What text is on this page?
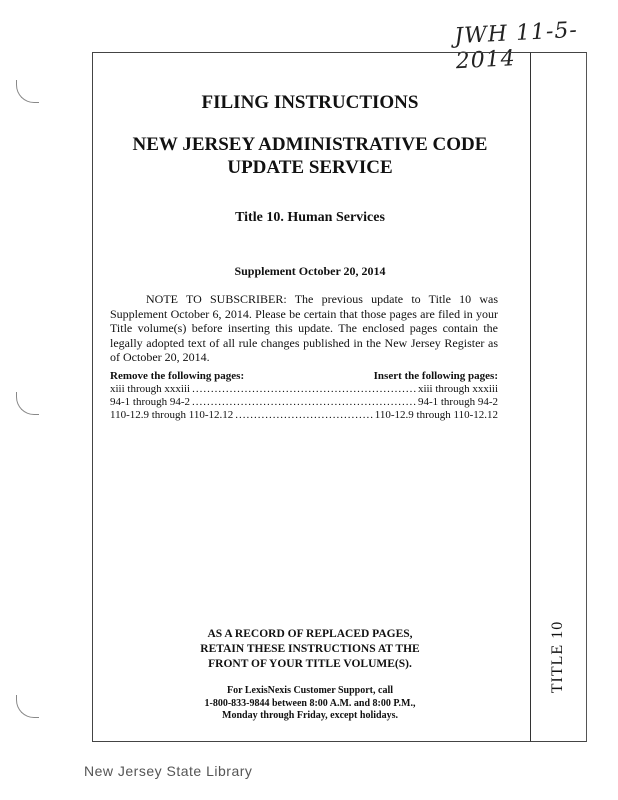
JWH 11-5-2014
TITLE 10
FILING INSTRUCTIONS
NEW JERSEY ADMINISTRATIVE CODE
UPDATE SERVICE
Title 10. Human Services
Supplement October 20, 2014
NOTE TO SUBSCRIBER: The previous update to Title 10 was Supplement October 6, 2014. Please be certain that those pages are filed in your Title volume(s) before inserting this update. The enclosed pages contain the legally adopted text of all rule changes published in the New Jersey Register as of October 20, 2014.
Remove the following pages:	Insert the following pages:
xiii through xxxiii .....	xiii through xxxiii
94-1 through 94-2 .....	94-1 through 94-2
110-12.9 through 110-12.12 .....	110-12.9 through 110-12.12
AS A RECORD OF REPLACED PAGES,
RETAIN THESE INSTRUCTIONS AT THE
FRONT OF YOUR TITLE VOLUME(S).
For LexisNexis Customer Support, call
1-800-833-9844 between 8:00 A.M. and 8:00 P.M.,
Monday through Friday, except holidays.
New Jersey State Library
